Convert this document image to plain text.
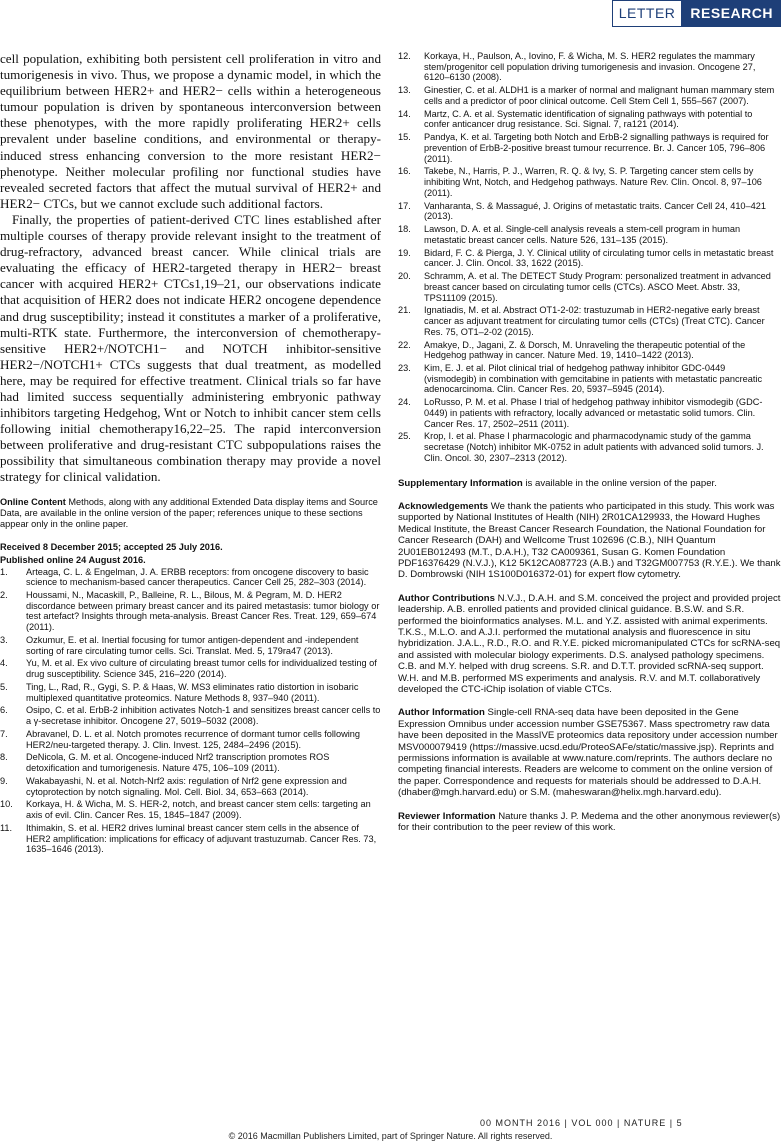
LETTER	RESEARCH

cell population, exhibiting both persistent cell proliferation in vitro and tumorigenesis in vivo. Thus, we propose a dynamic model, in which the equilibrium between HER2+ and HER2− cells within a heterogeneous tumour population is driven by spontaneous interconversion between these phenotypes, with the more rapidly proliferating HER2+ cells prevalent under baseline conditions, and environmental or therapy-induced stress enhancing conversion to the more resistant HER2− phenotype. Neither molecular profiling nor functional studies have revealed secreted factors that affect the mutual survival of HER2+ and HER2− CTCs, but we cannot exclude such additional factors.

Finally, the properties of patient-derived CTC lines established after multiple courses of therapy provide relevant insight to the treatment of drug-refractory, advanced breast cancer. While clinical trials are evaluating the efficacy of HER2-targeted therapy in HER2− breast cancer with acquired HER2+ CTCs1,19–21, our observations indicate that acquisition of HER2 does not indicate HER2 oncogene dependence and drug susceptibility; instead it constitutes a marker of a proliferative, multi-RTK state. Furthermore, the interconversion of chemotherapy-sensitive HER2+/NOTCH1− and NOTCH inhibitor-sensitive HER2−/NOTCH1+ CTCs suggests that dual treatment, as modelled here, may be required for effective treatment. Clinical trials so far have had limited success sequentially administering embryonic pathway inhibitors targeting Hedgehog, Wnt or Notch to inhibit cancer stem cells following initial chemotherapy16,22–25. The rapid interconversion between proliferative and drug-resistant CTC subpopulations raises the possibility that simultaneous combination therapy may provide a novel strategy for clinical validation.

Online Content Methods, along with any additional Extended Data display items and Source Data, are available in the online version of the paper; references unique to these sections appear only in the online paper.
Received 8 December 2015; accepted 25 July 2016.
Published online 24 August 2016.
1.	Arteaga, C. L. & Engelman, J. A. ERBB receptors: from oncogene discovery to basic science to mechanism-based cancer therapeutics. Cancer Cell 25, 282–303 (2014).
2.	Houssami, N., Macaskill, P., Balleine, R. L., Bilous, M. & Pegram, M. D. HER2 discordance between primary breast cancer and its paired metastasis: tumor biology or test artefact? Insights through meta-analysis. Breast Cancer Res. Treat. 129, 659–674 (2011).
3.	Ozkumur, E. et al. Inertial focusing for tumor antigen-dependent and -independent sorting of rare circulating tumor cells. Sci. Translat. Med. 5, 179ra47 (2013).
4.	Yu, M. et al. Ex vivo culture of circulating breast tumor cells for individualized testing of drug susceptibility. Science 345, 216–220 (2014).
5.	Ting, L., Rad, R., Gygi, S. P. & Haas, W. MS3 eliminates ratio distortion in isobaric multiplexed quantitative proteomics. Nature Methods 8, 937–940 (2011).
6.	Osipo, C. et al. ErbB-2 inhibition activates Notch-1 and sensitizes breast cancer cells to a γ-secretase inhibitor. Oncogene 27, 5019–5032 (2008).
7.	Abravanel, D. L. et al. Notch promotes recurrence of dormant tumor cells following HER2/neu-targeted therapy. J. Clin. Invest. 125, 2484–2496 (2015).
8.	DeNicola, G. M. et al. Oncogene-induced Nrf2 transcription promotes ROS detoxification and tumorigenesis. Nature 475, 106–109 (2011).
9.	Wakabayashi, N. et al. Notch-Nrf2 axis: regulation of Nrf2 gene expression and cytoprotection by notch signaling. Mol. Cell. Biol. 34, 653–663 (2014).
10.	Korkaya, H. & Wicha, M. S. HER-2, notch, and breast cancer stem cells: targeting an axis of evil. Clin. Cancer Res. 15, 1845–1847 (2009).
11.	Ithimakin, S. et al. HER2 drives luminal breast cancer stem cells in the absence of HER2 amplification: implications for efficacy of adjuvant trastuzumab. Cancer Res. 73, 1635–1646 (2013).
12.	Korkaya, H., Paulson, A., Iovino, F. & Wicha, M. S. HER2 regulates the mammary stem/progenitor cell population driving tumorigenesis and invasion. Oncogene 27, 6120–6130 (2008).
13.	Ginestier, C. et al. ALDH1 is a marker of normal and malignant human mammary stem cells and a predictor of poor clinical outcome. Cell Stem Cell 1, 555–567 (2007).
14.	Martz, C. A. et al. Systematic identification of signaling pathways with potential to confer anticancer drug resistance. Sci. Signal. 7, ra121 (2014).
15.	Pandya, K. et al. Targeting both Notch and ErbB-2 signalling pathways is required for prevention of ErbB-2-positive breast tumour recurrence. Br. J. Cancer 105, 796–806 (2011).
16.	Takebe, N., Harris, P. J., Warren, R. Q. & Ivy, S. P. Targeting cancer stem cells by inhibiting Wnt, Notch, and Hedgehog pathways. Nature Rev. Clin. Oncol. 8, 97–106 (2011).
17.	Vanharanta, S. & Massagué, J. Origins of metastatic traits. Cancer Cell 24, 410–421 (2013).
18.	Lawson, D. A. et al. Single-cell analysis reveals a stem-cell program in human metastatic breast cancer cells. Nature 526, 131–135 (2015).
19.	Bidard, F. C. & Pierga, J. Y. Clinical utility of circulating tumor cells in metastatic breast cancer. J. Clin. Oncol. 33, 1622 (2015).
20.	Schramm, A. et al. The DETECT Study Program: personalized treatment in advanced breast cancer based on circulating tumor cells (CTCs). ASCO Meet. Abstr. 33, TPS11109 (2015).
21.	Ignatiadis, M. et al. Abstract OT1-2-02: trastuzumab in HER2-negative early breast cancer as adjuvant treatment for circulating tumor cells (CTCs) (Treat CTC). Cancer Res. 75, OT1–2-02 (2015).
22.	Amakye, D., Jagani, Z. & Dorsch, M. Unraveling the therapeutic potential of the Hedgehog pathway in cancer. Nature Med. 19, 1410–1422 (2013).
23.	Kim, E. J. et al. Pilot clinical trial of hedgehog pathway inhibitor GDC-0449 (vismodegib) in combination with gemcitabine in patients with metastatic pancreatic adenocarcinoma. Clin. Cancer Res. 20, 5937–5945 (2014).
24.	LoRusso, P. M. et al. Phase I trial of hedgehog pathway inhibitor vismodegib (GDC-0449) in patients with refractory, locally advanced or metastatic solid tumors. Clin. Cancer Res. 17, 2502–2511 (2011).
25.	Krop, I. et al. Phase I pharmacologic and pharmacodynamic study of the gamma secretase (Notch) inhibitor MK-0752 in adult patients with advanced solid tumors. J. Clin. Oncol. 30, 2307–2313 (2012).
Supplementary Information is available in the online version of the paper.
Acknowledgements We thank the patients who participated in this study. This work was supported by National Institutes of Health (NIH) 2R01CA129933, the Howard Hughes Medical Institute, the Breast Cancer Research Foundation, the National Foundation for Cancer Research (DAH) and Wellcome Trust 102696 (C.B.), NIH Quantum 2U01EB012493 (M.T., D.A.H.), T32 CA009361, Susan G. Komen Foundation PDF16376429 (N.V.J.), K12 5K12CA087723 (A.B.) and T32GM007753 (R.Y.E.). We thank D. Dombrowski (NIH 1S100D016372-01) for expert flow cytometry.
Author Contributions N.V.J., D.A.H. and S.M. conceived the project and provided project leadership. A.B. enrolled patients and provided clinical guidance. B.S.W. and S.R. performed the bioinformatics analyses. M.L. and Y.Z. assisted with animal experiments. T.K.S., M.L.O. and A.J.I. performed the mutational analysis and fluorescence in situ hybridization. J.A.L., R.D., R.O. and R.Y.E. picked micromanipulated CTCs for scRNA-seq and assisted with molecular biology experiments. D.S. analysed pathology specimens. C.B. and M.Y. helped with drug screens. S.R. and D.T.T. provided scRNA-seq support. W.H. and M.B. performed MS experiments and analysis. R.V. and M.T. collaboratively developed the CTC-iChip isolation of viable CTCs.
Author Information Single-cell RNA-seq data have been deposited in the Gene Expression Omnibus under accession number GSE75367. Mass spectrometry raw data have been deposited in the MassIVE proteomics data repository under accession number MSV000079419 (https://massive.ucsd.edu/ProteoSAFe/static/massive.jsp). Reprints and permissions information is available at www.nature.com/reprints. The authors declare no competing financial interests. Readers are welcome to comment on the online version of the paper. Correspondence and requests for materials should be addressed to D.A.H. (dhaber@mgh.harvard.edu) or S.M. (maheswaran@helix.mgh.harvard.edu).
Reviewer Information Nature thanks J. P. Medema and the other anonymous reviewer(s) for their contribution to the peer review of this work.
00 MONTH 2016 | VOL 000 | NATURE | 5
© 2016 Macmillan Publishers Limited, part of Springer Nature. All rights reserved.
